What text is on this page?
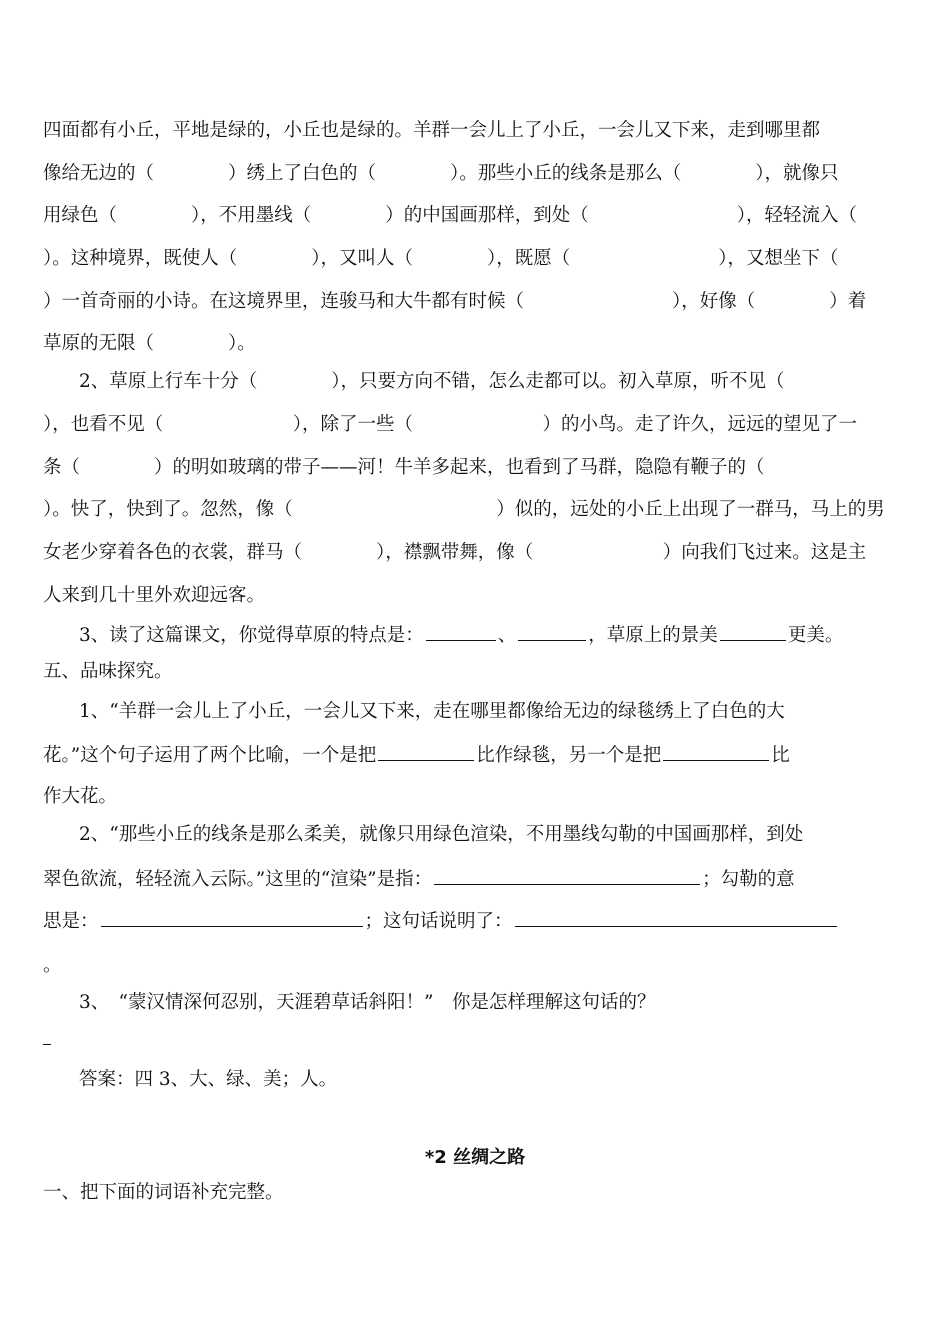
四面都有小丘，平地是绿的，小丘也是绿的。羊群一会儿上了小丘，一会儿又下来，走到哪里都
像给无边的（　　　　）绣上了白色的（　　　　）。那些小丘的线条是那么（　　　　），就像只
用绿色（　　　　），不用墨线（　　　　）的中国画那样，到处（　　　　　　　　），轻轻流入（
）。这种境界，既使人（　　　　），又叫人（　　　　），既愿（　　　　　　　　），又想坐下（
）一首奇丽的小诗。在这境界里，连骏马和大牛都有时候（　　　　　　　　），好像（　　　　）着
草原的无限（　　　　）。
2、草原上行车十分（　　　　），只要方向不错，怎么走都可以。初入草原，听不见（
），也看不见（　　　　　　　），除了一些（　　　　　　　）的小鸟。走了许久，远远的望见了一
条（　　　　）的明如玻璃的带子——河！牛羊多起来，也看到了马群，隐隐有鞭子的（
）。快了，快到了。忽然，像（　　　　　　　　　　　）似的，远处的小丘上出现了一群马，马上的男
女老少穿着各色的衣裳，群马（　　　　），襟飘带舞，像（　　　　　　　）向我们飞过来。这是主
人来到几十里外欢迎远客。
3、读了这篇课文，你觉得草原的特点是：	、	，草原上的景美	更美。
五、品味探究。
1、“羊群一会儿上了小丘，一会儿又下来，走在哪里都像给无边的绿毯绣上了白色的大
花。”这个句子运用了两个比喻，一个是把	比作绿毯，另一个是把	比
作大花。
2、“那些小丘的线条是那么柔美，就像只用绿色渲染，不用墨线勾勒的中国画那样，到处
翠色欲流，轻轻流入云际。”这里的“渲染”是指：	；勾勒的意
思是：	；这句话说明了：
。
3、　“蒙汉情深何忍别，天涯碧草话斜阳！”　你是怎样理解这句话的？
答案：四 3、大、绿、美；人。
*2 丝绸之路
一、把下面的词语补充完整。
